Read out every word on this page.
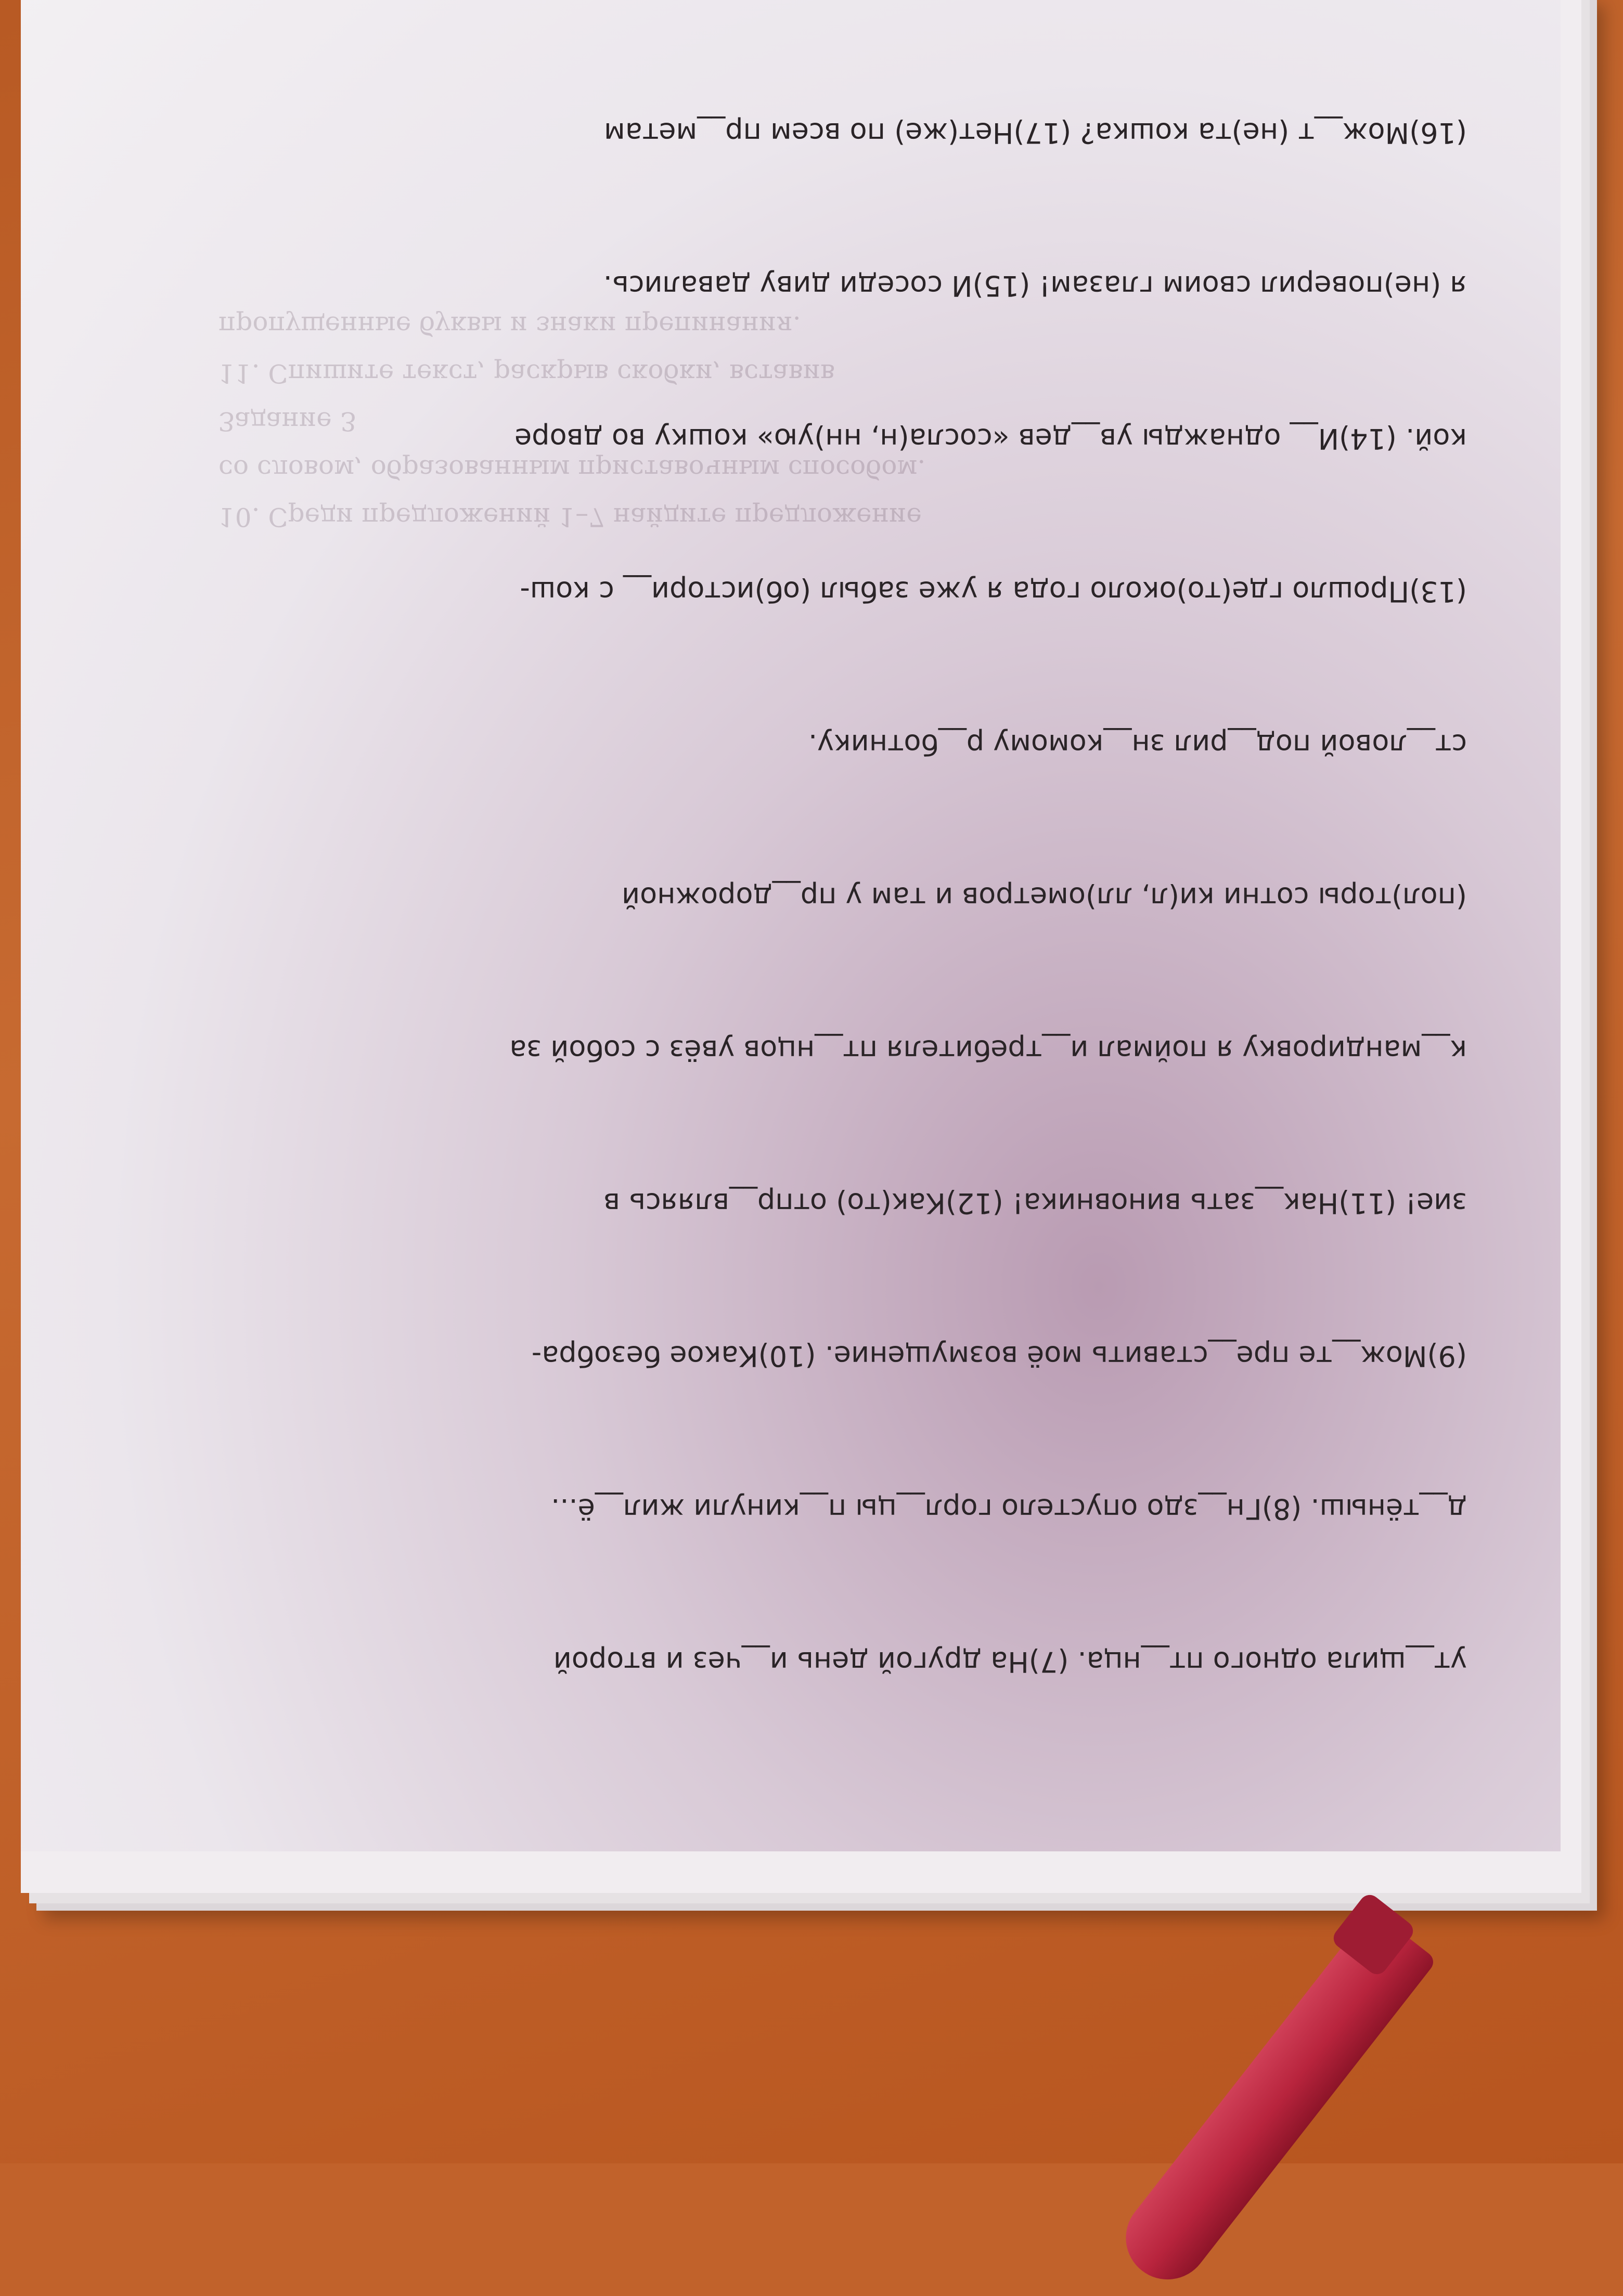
10. Среди предложений 1–7 найдите предложение
со словом, образованным приставочным способом.
Задание 3
11. Спишите текст, раскрыв скобки, вставив
пропущенные буквы и знаки препинания.

ут__щила одного пт__нца. (7)На другой день и__чез и второй

д__тёныш. (8)Гн__здо опустело горл__цы п__кинули жил__ё...

(9)Мож__те пре__ставить моё возмущение. (10)Какое безобра-

зие! (11)Нак__зать виновника! (12)Как(то) отпр__вляясь в

к__мандировку я поймал и__требителя пт__нцов увёз с собой за

(пол)торы сотни ки(л, лл)ометров и там у пр__дорожной

ст__ловой под__рил зн__комому р__ботнику.

(13)Прошло где(то)около года я уже забыл (об)истори__ с кош-

кой. (14)И__ однажды ув__дев «сосла(н, нн)ую» кошку во дворе

я (не)поверил своим глазам! (15)И соседи диву давались.

(16)Мож__т (не)та кошка? (17)Нет(же) по всем пр__метам
